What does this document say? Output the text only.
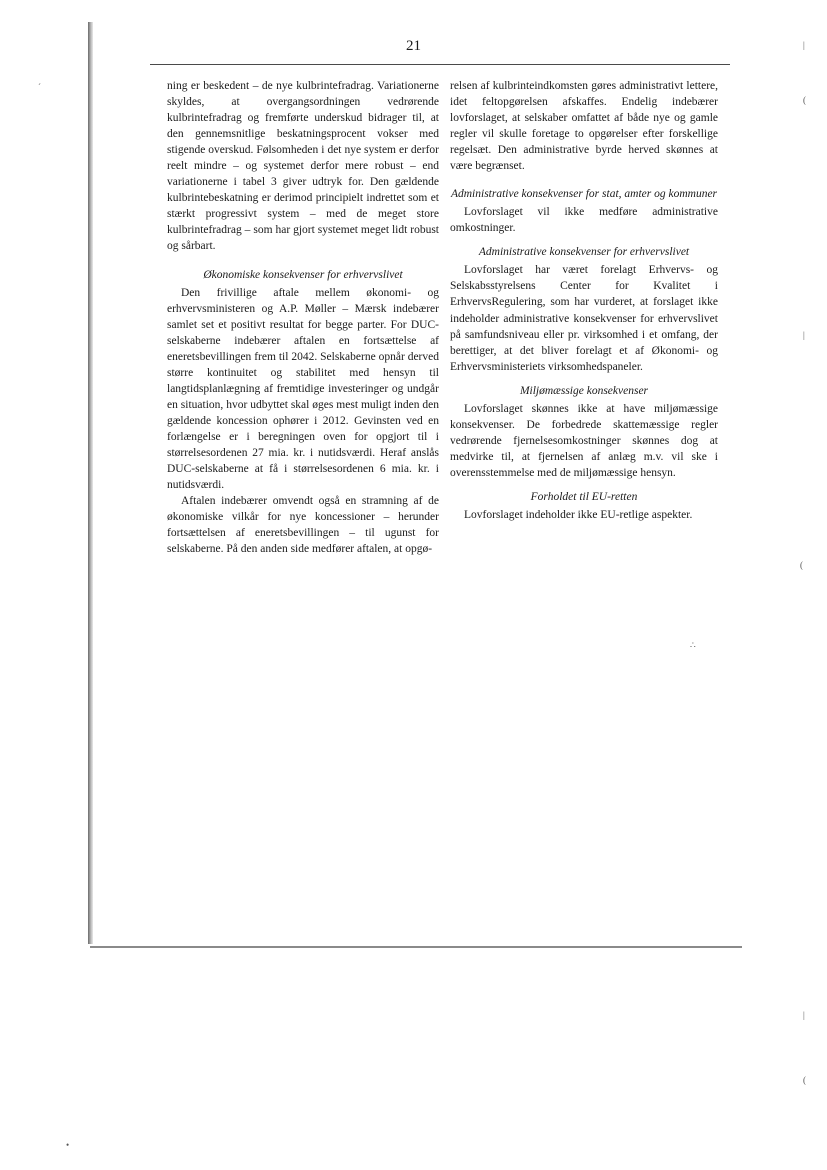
21

ning er beskedent – de nye kulbrintefradrag. Variationerne skyldes, at overgangsordningen vedrørende kulbrintefradrag og fremførte underskud bidrager til, at den gennemsnitlige beskatningsprocent vokser med stigende overskud. Følsomheden i det nye system er derfor reelt mindre – og systemet derfor mere robust – end variationerne i tabel 3 giver udtryk for. Den gældende kulbrintebeskatning er derimod principielt indrettet som et stærkt progressivt system – med de meget store kulbrintefradrag – som har gjort systemet meget lidt robust og sårbart.

Økonomiske konsekvenser for erhvervslivet

Den frivillige aftale mellem økonomi- og erhvervsministeren og A.P. Møller – Mærsk indebærer samlet set et positivt resultat for begge parter. For DUC-selskaberne indebærer aftalen en fortsættelse af eneretsbevillingen frem til 2042. Selskaberne opnår derved større kontinuitet og stabilitet med hensyn til langtidsplanlægning af fremtidige investeringer og undgår en situation, hvor udbyttet skal øges mest muligt inden den gældende koncession ophører i 2012. Gevinsten ved en forlængelse er i beregningen oven for opgjort til i størrelsesordenen 27 mia. kr. i nutidsværdi. Heraf anslås DUC-selskaberne at få i størrelsesordenen 6 mia. kr. i nutidsværdi.

Aftalen indebærer omvendt også en stramning af de økonomiske vilkår for nye koncessioner – herunder fortsættelsen af eneretsbevillingen – til ugunst for selskaberne. På den anden side medfører aftalen, at opgø-

relsen af kulbrinteindkomsten gøres administrativt lettere, idet feltopgørelsen afskaffes. Endelig indebærer lovforslaget, at selskaber omfattet af både nye og gamle regler vil skulle foretage to opgørelser efter forskellige regelsæt. Den administrative byrde herved skønnes at være begrænset.

Administrative konsekvenser for stat, amter og kommuner

Lovforslaget vil ikke medføre administrative omkostninger.

Administrative konsekvenser for erhvervslivet

Lovforslaget har været forelagt Erhvervs- og Selskabsstyrelsens Center for Kvalitet i ErhvervsRegulering, som har vurderet, at forslaget ikke indeholder administrative konsekvenser for erhvervslivet på samfundsniveau eller pr. virksomhed i et omfang, der berettiger, at det bliver forelagt et af Økonomi- og Erhvervsministeriets virksomhedspaneler.

Miljømæssige konsekvenser

Lovforslaget skønnes ikke at have miljømæssige konsekvenser. De forbedrede skattemæssige regler vedrørende fjernelsesomkostninger skønnes dog at medvirke til, at fjernelsen af anlæg m.v. vil ske i overensstemmelse med de miljømæssige hensyn.

Forholdet til EU-retten

Lovforslaget indeholder ikke EU-retlige aspekter.

ˊ
|
(
|
(
∴
|
(
•
